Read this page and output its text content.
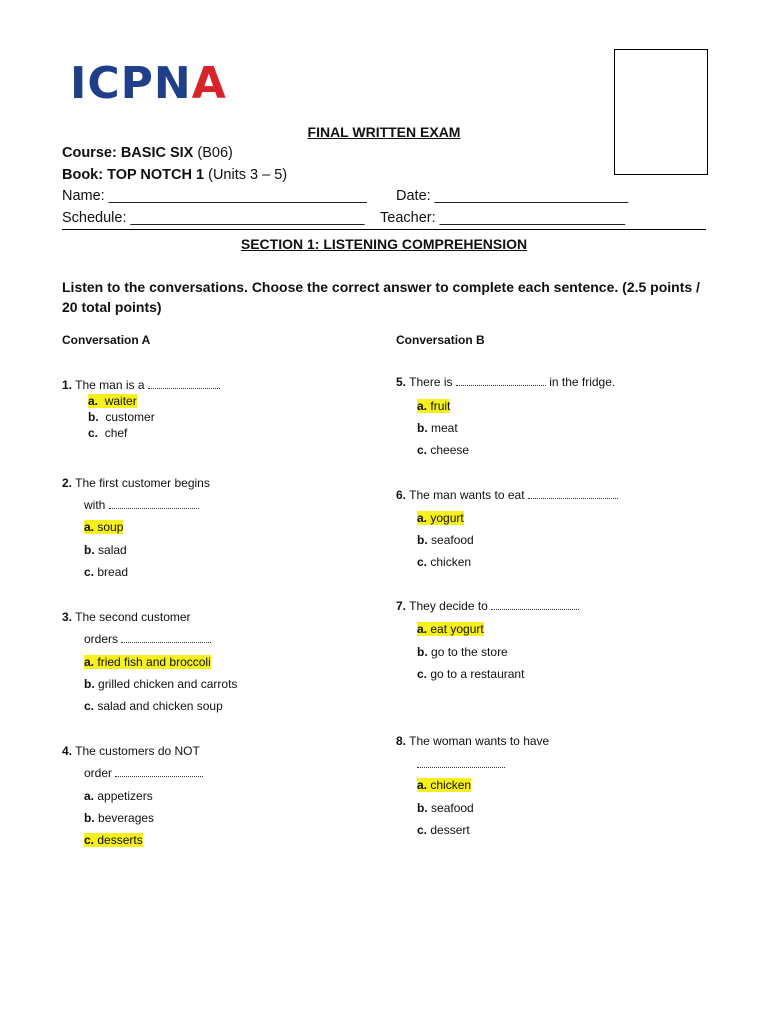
ICPNA
FINAL WRITTEN EXAM
Course: BASIC SIX (B06)
Book: TOP NOTCH 1 (Units 3 – 5)
Name: ________________________________ Date: ________________________
Schedule: _____________________________ Teacher: _______________________
SECTION 1: LISTENING COMPREHENSION
Listen to the conversations. Choose the correct answer to complete each sentence. (2.5 points / 20 total points)
Conversation A	Conversation B
1. The man is a
a. waiter
b. customer
c. chef
2. The first customer begins
with
a. soup
b. salad
c. bread
3. The second customer
orders
a. fried fish and broccoli
b. grilled chicken and carrots
c. salad and chicken soup
4. The customers do NOT
order
a. appetizers
b. beverages
c. desserts
5. There is	in the fridge.
a. fruit
b. meat
c. cheese
6. The man wants to eat
a. yogurt
b. seafood
c. chicken
7. They decide to
a. eat yogurt
b. go to the store
c. go to a restaurant
8. The woman wants to have
a. chicken
b. seafood
c. dessert
